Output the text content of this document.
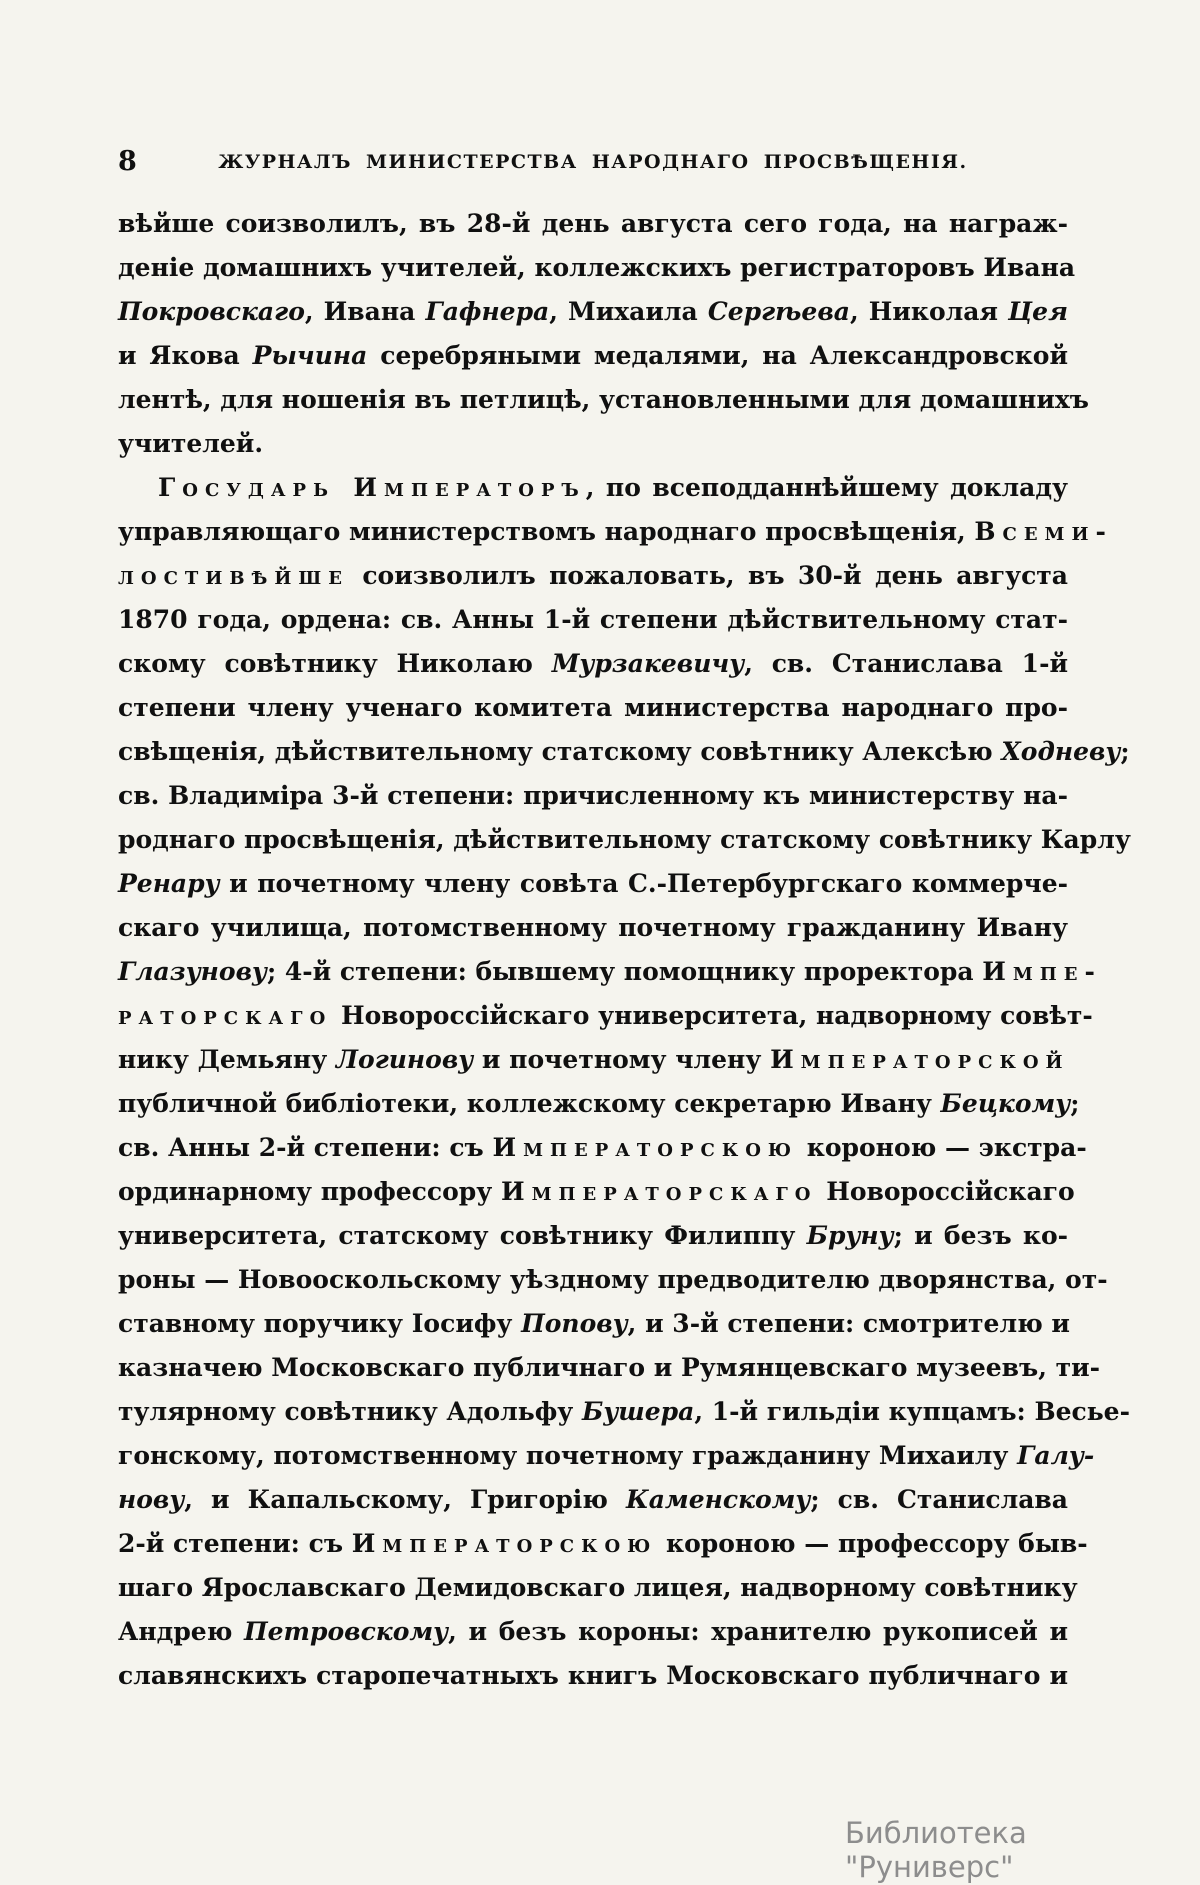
8	ЖУРНАЛЪ МИНИСТЕРСТВА НАРОДНАГО ПРОСВѢЩЕНІЯ.
вѣйше соизволилъ, въ 28-й день августа сего года, на награж-
деніе домашнихъ учителей, коллежскихъ регистраторовъ Ивана
Покровскаго, Ивана Гафнера, Михаила Сергѣева, Николая Цея
и Якова Рычина серебряными медалями, на Александровской
лентѣ, для ношенія въ петлицѣ, установленными для домашнихъ
учителей.
Государь Императоръ, по всеподданнѣйшему докладу
управляющаго министерствомъ народнаго просвѣщенія, Всеми-
лостивѣйше соизволилъ пожаловать, въ 30-й день августа
1870 года, ордена: св. Анны 1-й степени дѣйствительному стат-
скому совѣтнику Николаю Мурзакевичу, св. Станислава 1-й
степени члену ученаго комитета министерства народнаго про-
свѣщенія, дѣйствительному статскому совѣтнику Алексѣю Ходневу;
св. Владиміра 3-й степени: причисленному къ министерству на-
роднаго просвѣщенія, дѣйствительному статскому совѣтнику Карлу
Ренару и почетному члену совѣта С.-Петербургскаго коммерче-
скаго училища, потомственному почетному гражданину Ивану
Глазунову; 4-й степени: бывшему помощнику проректора Импе-
раторскаго Новороссійскаго университета, надворному совѣт-
нику Демьяну Логинову и почетному члену Императорской
публичной библіотеки, коллежскому секретарю Ивану Бецкому;
св. Анны 2-й степени: съ Императорскою короною — экстра-
ординарному профессору Императорскаго Новороссійскаго
университета, статскому совѣтнику Филиппу Бруну; и безъ ко-
роны — Новооскольскому уѣздному предводителю дворянства, от-
ставному поручику Іосифу Попову, и 3-й степени: смотрителю и
казначею Московскаго публичнаго и Румянцевскаго музеевъ, ти-
тулярному совѣтнику Адольфу Бушера, 1-й гильдіи купцамъ: Весье-
гонскому, потомственному почетному гражданину Михаилу Галу-
нову, и Капальскому, Григорію Каменскому; св. Станислава
2-й степени: съ Императорскою короною — профессору быв-
шаго Ярославскаго Демидовскаго лицея, надворному совѣтнику
Андрею Петровскому, и безъ короны: хранителю рукописей и
славянскихъ старопечатныхъ книгъ Московскаго публичнаго и
Библиотека "Руниверс"
